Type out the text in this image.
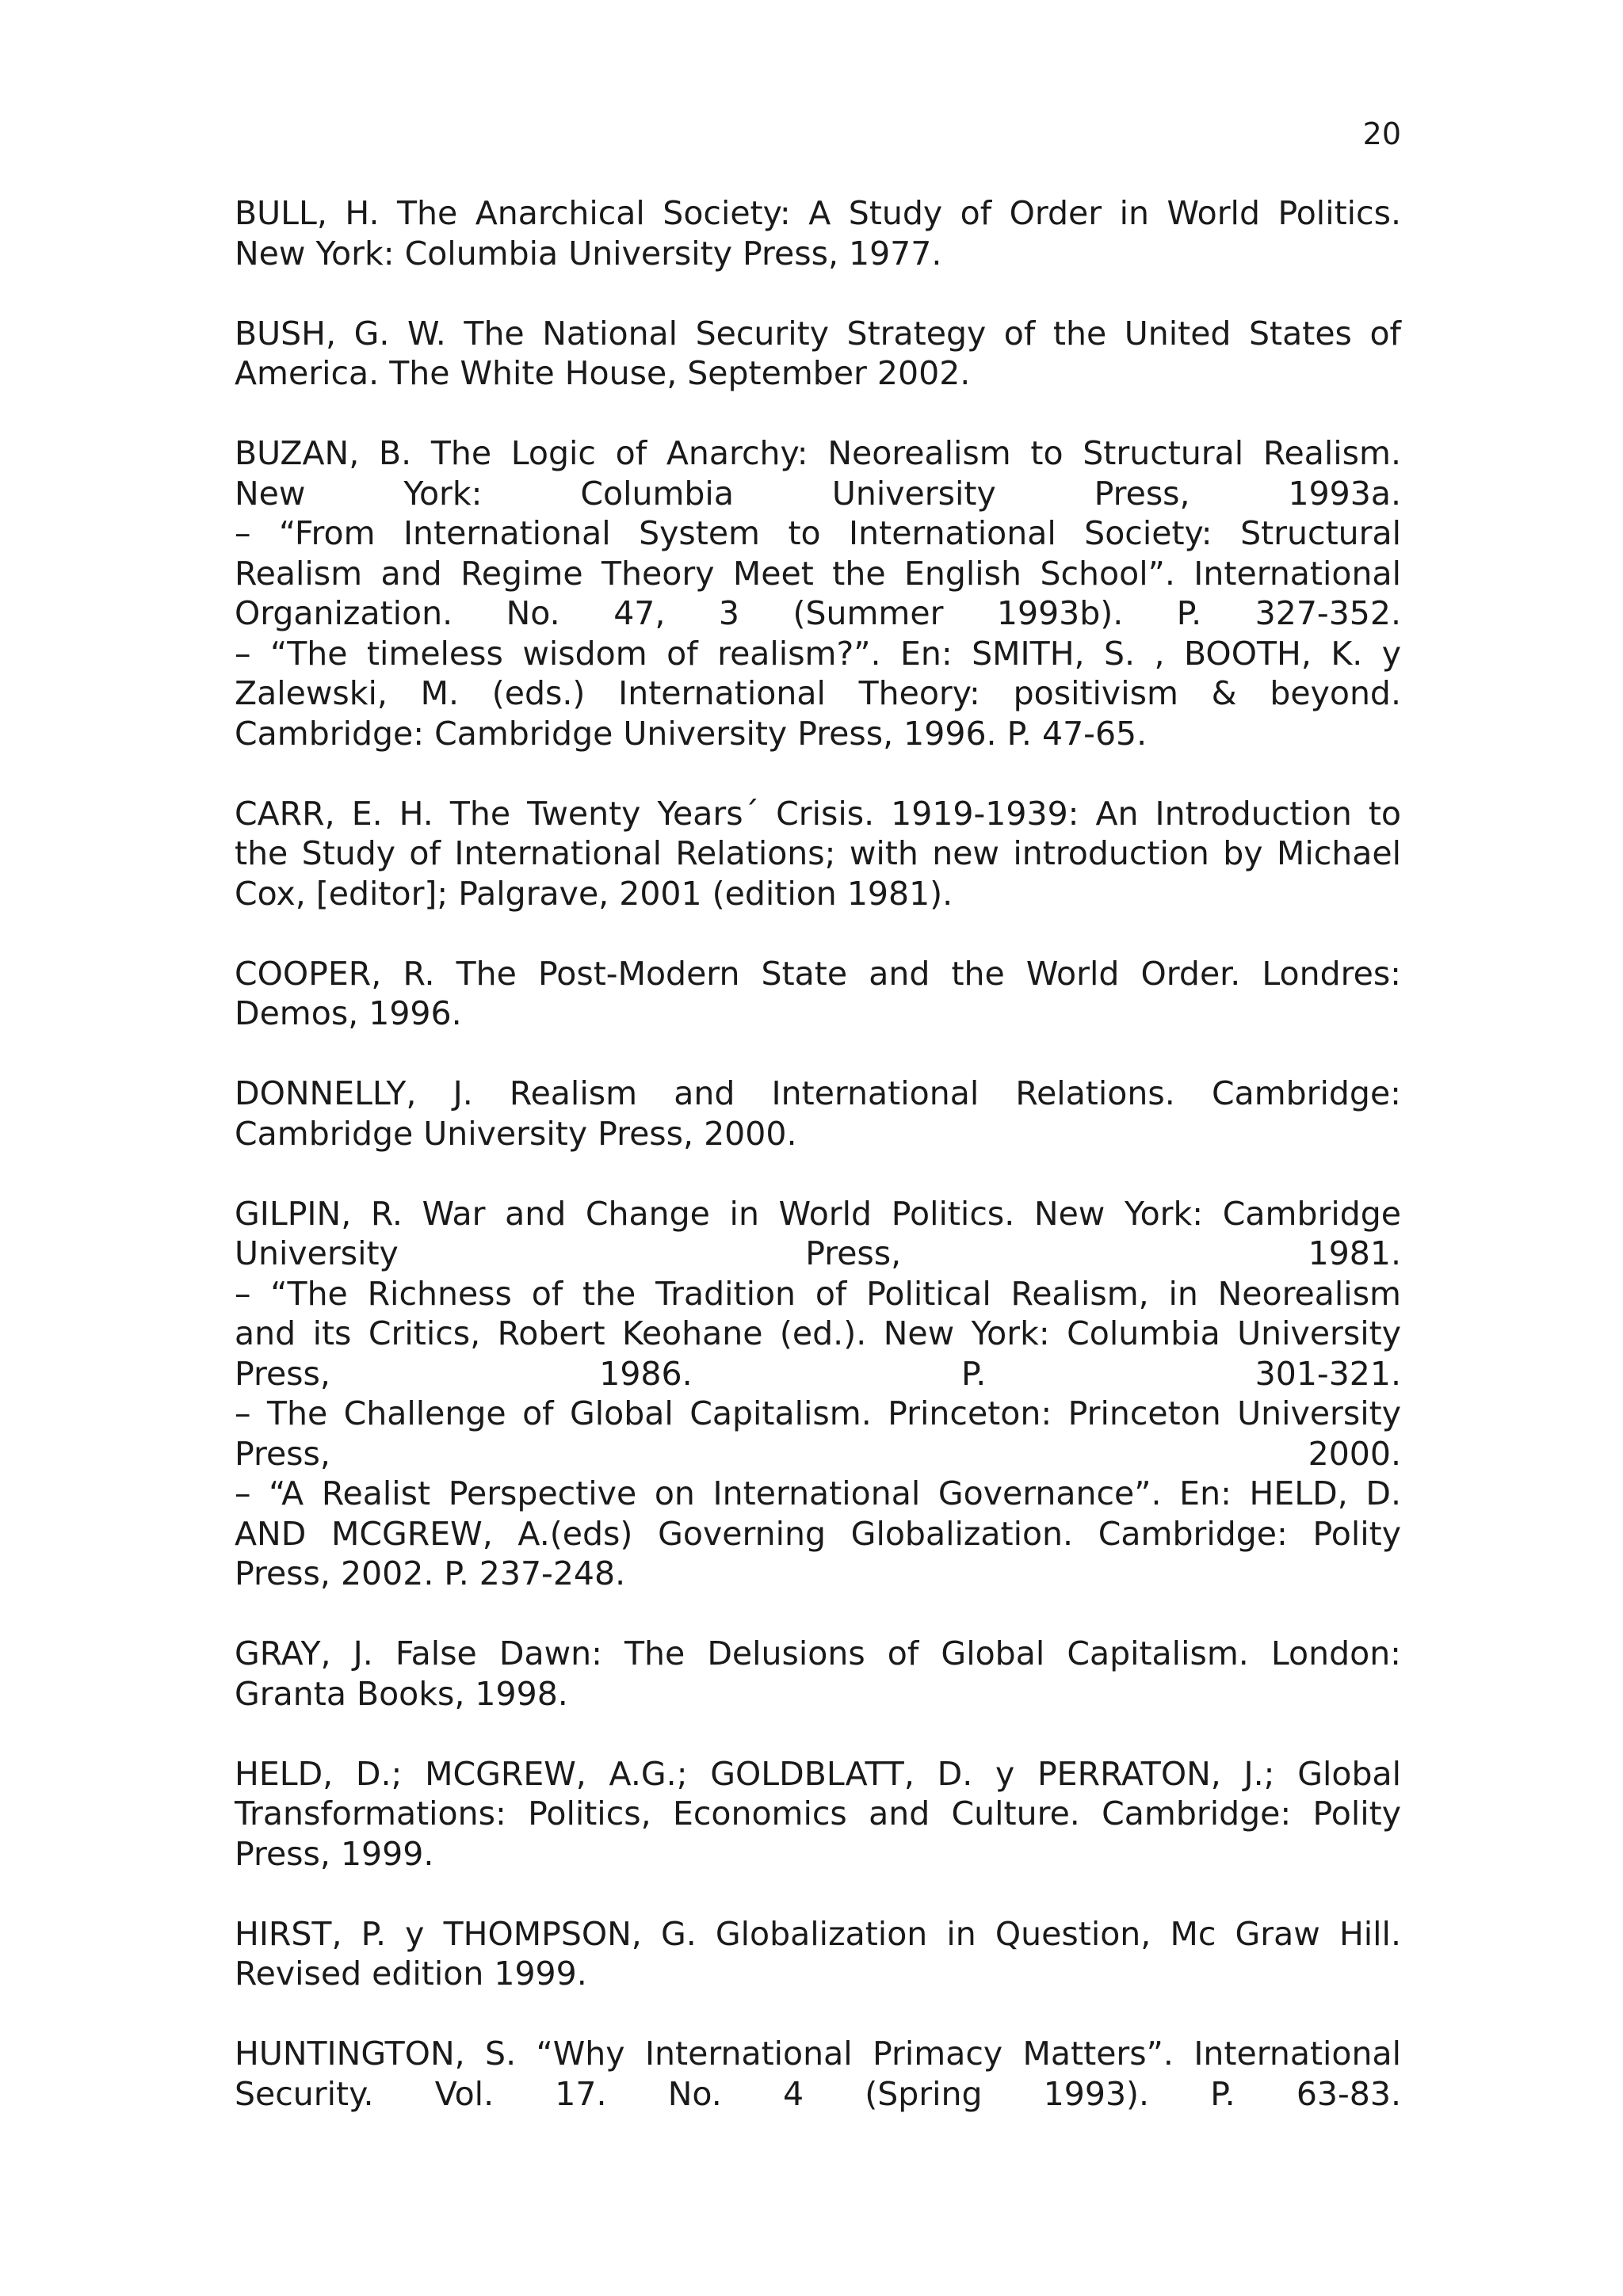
20
BULL, H. The Anarchical Society: A Study of Order in World Politics.
New York: Columbia University Press, 1977.
BUSH, G. W. The National Security Strategy of the United States of
America. The White House, September 2002.
BUZAN, B. The Logic of Anarchy: Neorealism to Structural Realism.
New York: Columbia University Press, 1993a.
– “From International System to International Society: Structural
Realism and Regime Theory Meet the English School”. International
Organization. No. 47, 3 (Summer 1993b). P. 327-352.
– “The timeless wisdom of realism?”. En: SMITH, S. , BOOTH, K. y
Zalewski, M. (eds.) International Theory: positivism & beyond.
Cambridge: Cambridge University Press, 1996. P. 47-65.
CARR, E. H. The Twenty Years´ Crisis. 1919-1939: An Introduction to
the Study of International Relations; with new introduction by Michael
Cox, [editor]; Palgrave, 2001 (edition 1981).
COOPER, R. The Post-Modern State and the World Order. Londres:
Demos, 1996.
DONNELLY, J. Realism and International Relations. Cambridge:
Cambridge University Press, 2000.
GILPIN, R. War and Change in World Politics. New York: Cambridge
University Press, 1981.
– “The Richness of the Tradition of Political Realism, in Neorealism
and its Critics, Robert Keohane (ed.). New York: Columbia University
Press, 1986. P. 301-321.
– The Challenge of Global Capitalism. Princeton: Princeton University
Press, 2000.
– “A Realist Perspective on International Governance”. En: HELD, D.
AND MCGREW, A.(eds) Governing Globalization. Cambridge: Polity
Press, 2002. P. 237-248.
GRAY, J. False Dawn: The Delusions of Global Capitalism. London:
Granta Books, 1998.
HELD, D.; MCGREW, A.G.; GOLDBLATT, D. y PERRATON, J.; Global
Transformations: Politics, Economics and Culture. Cambridge: Polity
Press, 1999.
HIRST, P. y THOMPSON, G. Globalization in Question, Mc Graw Hill.
Revised edition 1999.
HUNTINGTON, S. “Why International Primacy Matters”. International
Security. Vol. 17. No. 4 (Spring 1993). P. 63-83.
